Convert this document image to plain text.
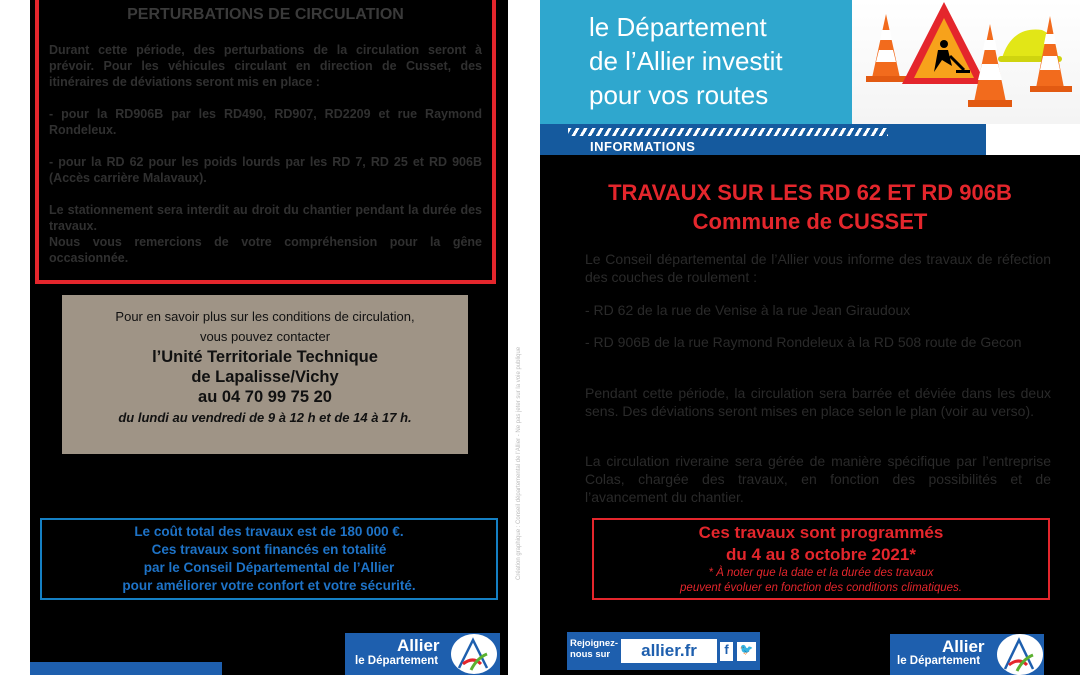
PERTURBATIONS DE CIRCULATION

Durant cette période, des perturbations de la circulation seront à prévoir. Pour les véhicules circulant en direction de Cusset, des itinéraires de déviations seront mis en place :

- pour la RD906B par les RD490, RD907, RD2209 et rue Raymond Rondeleux.

- pour la RD 62 pour les poids lourds par les RD 7, RD 25 et RD 906B (Accès carrière Malavaux).

Le stationnement sera interdit au droit du chantier pendant la durée des travaux.

Nous vous remercions de votre compréhension pour la gêne occasionnée.

Pour en savoir plus sur les conditions de circulation,
vous pouvez contacter
l’Unité Territoriale Technique
de Lapalisse/Vichy
au 04 70 99 75 20
du lundi au vendredi de 9 à 12 h et de 14 à 17 h.
Le coût total des travaux est de 180 000 €.
Ces travaux sont financés en totalité
par le Conseil Départemental de l’Allier
pour améliorer votre confort et votre sécurité.
Création graphique : Conseil départemental de l’Allier - Ne pas jeter sur la voie publique
Allier
le Département
le Département
de l’Allier investit
pour vos routes
INFORMATIONS
TRAVAUX SUR LES RD 62 ET RD 906B
Commune de CUSSET

Le Conseil départemental de l’Allier vous informe des travaux de réfection des couches de roulement :

- RD 62 de la rue de Venise à la rue Jean Giraudoux

- RD 906B de la rue Raymond Rondeleux à la RD 508 route de Gecon

Pendant cette période, la circulation sera barrée et déviée dans les deux sens. Des déviations seront mises en place selon le plan (voir au verso).

La circulation riveraine sera gérée de manière spécifique par l’entreprise Colas, chargée des travaux, en fonction des possibilités et de l’avancement du chantier.

Ces travaux sont programmés
du 4 au 8 octobre 2021*
* À noter que la date et la durée des travaux
peuvent évoluer en fonction des conditions climatiques.
Rejoignez-
nous sur	allier.fr	f 🐦	Allier
le Département
